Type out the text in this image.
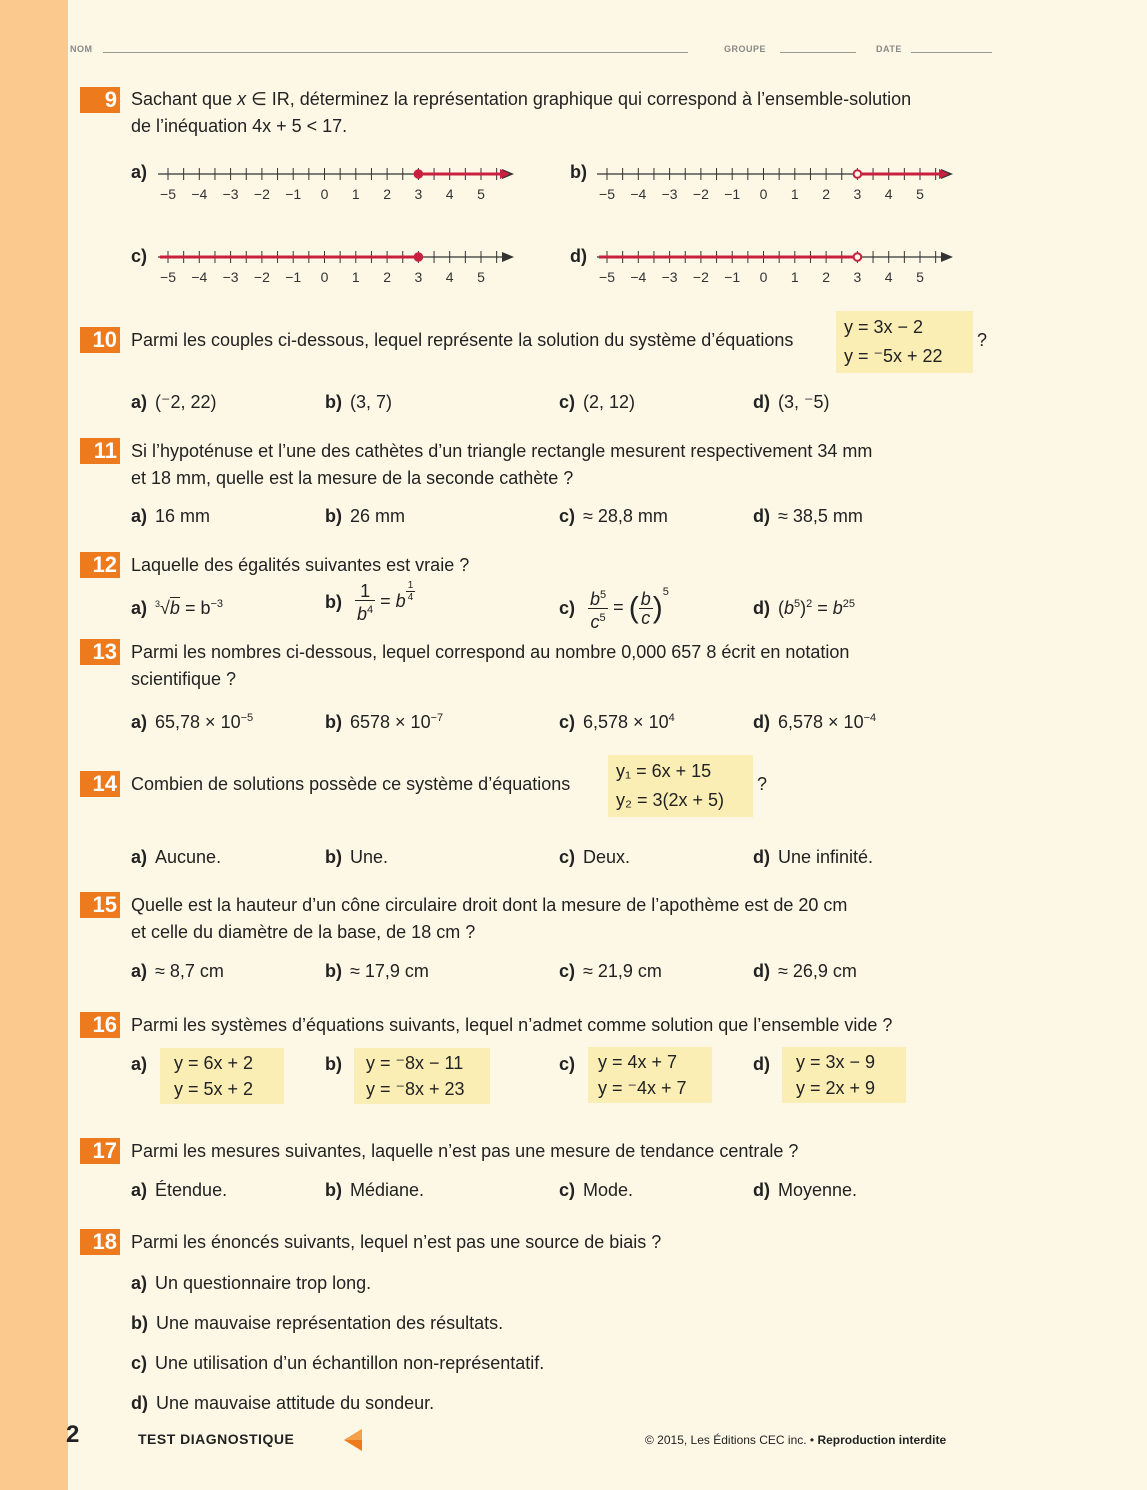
NOM	GROUPE	DATE
9 Sachant que x ∈ IR, déterminez la représentation graphique qui correspond à l’ensemble-solution
de l’inéquation 4x + 5 < 17.
a)
−5 −4 −3 −2 −1 0 1 2 3 4 5
b)
−5 −4 −3 −2 −1 0 1 2 3 4 5
c)
−5 −4 −3 −2 −1 0 1 2 3 4 5
d)
−5 −4 −3 −2 −1 0 1 2 3 4 5
10 Parmi les couples ci-dessous, lequel représente la solution du système d’équations
y = 3x − 2
y = ⁻5x + 22
?
a) (⁻2, 22)	b) (3, 7)	c) (2, 12)	d) (3, ⁻5)
11 Si l’hypoténuse et l’une des cathètes d’un triangle rectangle mesurent respectivement 34 mm
et 18 mm, quelle est la mesure de la seconde cathète ?
a) 16 mm	b) 26 mm	c) ≈ 28,8 mm	d) ≈ 38,5 mm
12 Laquelle des égalités suivantes est vraie ?
a) $^3√b = b^{-3}$	$b) \frac{1}{b^4} = b \frac{1}{4}$
$c) \frac{b^5}{c^5}$ = ( $\frac{b}{c} )^5$
d) $(b^5)^2 = b^{25}$
13 Parmi les nombres ci-dessous, lequel correspond au nombre 0,000 657 8 écrit en notation
scientifique ?
a) $65,78 \times 10^{-5}$	b) $6578 \times 10^{-7}$	c) $6,578 \times 10^4$	d) $6,578 \times 10^{-4}$
14 Combien de solutions possède ce système d’équations
y₁ = 6x + 15
y₂ = 3(2x + 5)
?
a) Aucune.	b) Une.	c) Deux.	d) Une infinité.
15 Quelle est la hauteur d’un cône circulaire droit dont la mesure de l’apothème est de 20 cm
et celle du diamètre de la base, de 18 cm ?
a) ≈ 8,7 cm	b) ≈ 17,9 cm	c) ≈ 21,9 cm	d) ≈ 26,9 cm
16 Parmi les systèmes d’équations suivants, lequel n’admet comme solution que l’ensemble vide ?
a)	y = 6x + 2
y = 5x + 2
b)	y = ⁻8x − 11
y = ⁻8x + 23
c)	y = 4x + 7
y = ⁻4x + 7
d)	y = 3x − 9
y = 2x + 9
17 Parmi les mesures suivantes, laquelle n’est pas une mesure de tendance centrale ?
a) Étendue.	b) Médiane.	c) Mode.	d) Moyenne.
18 Parmi les énoncés suivants, lequel n’est pas une source de biais ?
a) Un questionnaire trop long.
b) Une mauvaise représentation des résultats.
c) Une utilisation d’un échantillon non-représentatif.
d) Une mauvaise attitude du sondeur.
2	TEST DIAGNOSTIQUE	© 2015, Les Éditions CEC inc. • Reproduction interdite
